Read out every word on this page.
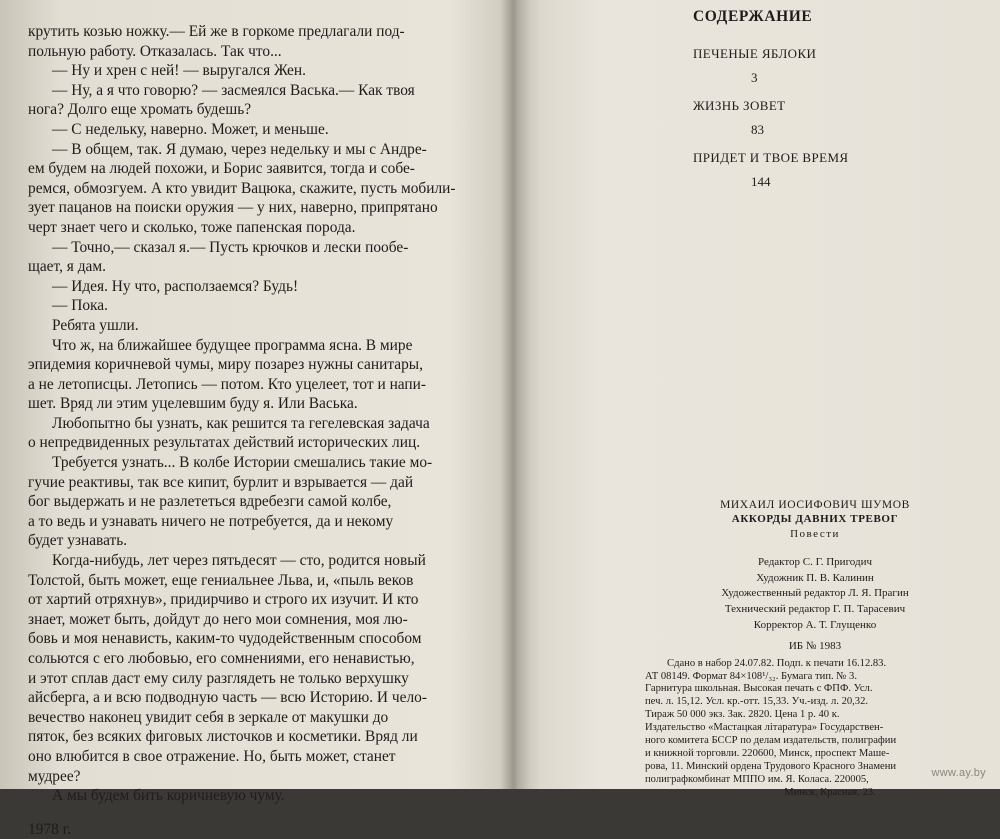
крутить козью ножку.— Ей же в горкоме предлагали под-

польную работу. Отказалась. Так что...

— Ну и хрен с ней! — выругался Жен.

— Ну, а я что говорю? — засмеялся Васька.— Как твоя

нога? Долго еще хромать будешь?

— С недельку, наверно. Может, и меньше.

— В общем, так. Я думаю, через недельку и мы с Андре-

ем будем на людей похожи, и Борис заявится, тогда и собе-

ремся, обмозгуем. А кто увидит Вацюка, скажите, пусть мобили-

зует пацанов на поиски оружия — у них, наверно, припрятано

черт знает чего и сколько, тоже папенская порода.

— Точно,— сказал я.— Пусть крючков и лески пообе-

щает, я дам.

— Идея. Ну что, расползаемся? Будь!

— Пока.

Ребята ушли.

Что ж, на ближайшее будущее программа ясна. В мире

эпидемия коричневой чумы, миру позарез нужны санитары,

а не летописцы. Летопись — потом. Кто уцелеет, тот и напи-

шет. Вряд ли этим уцелевшим буду я. Или Васька.

Любопытно бы узнать, как решится та гегелевская задача

о непредвиденных результатах действий исторических лиц.

Требуется узнать... В колбе Истории смешались такие мо-

гучие реактивы, так все кипит, бурлит и взрывается — дай

бог выдержать и не разлететься вдребезги самой колбе,

а то ведь и узнавать ничего не потребуется, да и некому

будет узнавать.

Когда-нибудь, лет через пятьдесят — сто, родится новый

Толстой, быть может, еще гениальнее Льва, и, «пыль веков

от хартий отряхнув», придирчиво и строго их изучит. И кто

знает, может быть, дойдут до него мои сомнения, моя лю-

бовь и моя ненависть, каким-то чудодейственным способом

сольются с его любовью, его сомнениями, его ненавистью,

и этот сплав даст ему силу разглядеть не только верхушку

айсберга, а и всю подводную часть — всю Историю. И чело-

вечество наконец увидит себя в зеркале от макушки до

пяток, без всяких фиговых листочков и косметики. Вряд ли

оно влюбится в свое отражение. Но, быть может, станет

мудрее?

А мы будем бить коричневую чуму.

1978 г.

СОДЕРЖАНИЕ
ПЕЧЕНЫЕ ЯБЛОКИ
3
ЖИЗНЬ ЗОВЕТ
83
ПРИДЕТ И ТВОЕ ВРЕМЯ
144
МИХАИЛ ИОСИФОВИЧ ШУМОВ
АККОРДЫ ДАВНИХ ТРЕВОГ
Повести
Редактор С. Г. Пригодич
Художник П. В. Калинин
Художественный редактор Л. Я. Прагин
Технический редактор Г. П. Тарасевич
Корректор А. Т. Глущенко
ИБ № 1983
Сдано в набор 24.07.82. Подп. к печати 16.12.83.
АТ 08149. Формат 84×108¹/₃₂. Бумага тип. № 3.
Гарнитура школьная. Высокая печать с ФПФ. Усл.
печ. л. 15,12. Усл. кр.-отт. 15,33. Уч.-изд. л. 20,32.
Тираж 50 000 экз. Зак. 2820. Цена 1 р. 40 к.
Издательство «Мастацкая літаратура» Государствен-
ного комитета БССР по делам издательств, полиграфии
и книжной торговли. 220600, Минск, проспект Маше-
рова, 11. Минский ордена Трудового Красного Знамени
полиграфкомбинат МППО им. Я. Коласа. 220005,
Минск, Красная, 23.
www.ay.by
